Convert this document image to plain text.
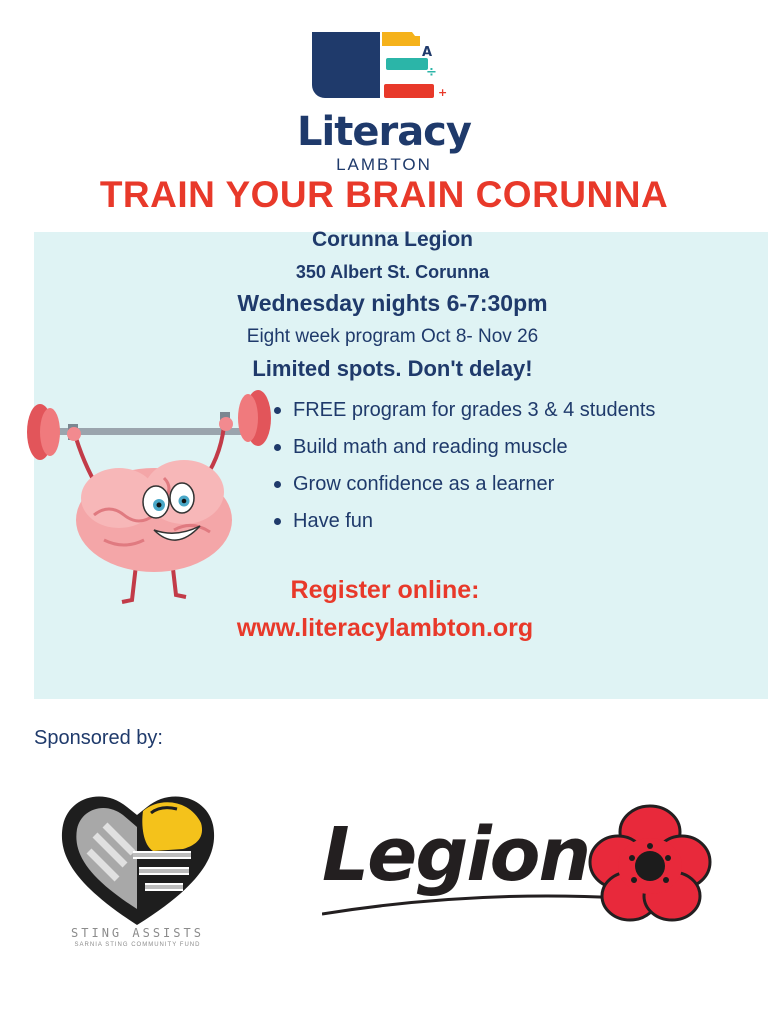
A
÷
+
Literacy
LAMBTON
TRAIN YOUR BRAIN CORUNNA
Corunna Legion
350 Albert St. Corunna
Wednesday nights 6-7:30pm
Eight week program Oct 8- Nov 26
Limited spots. Don't delay!
FREE program for grades 3 & 4 students
Build math and reading muscle
Grow confidence as a learner
Have fun
Register online:
www.literacylambton.org
Sponsored by:
STING ASSISTS
SARNIA STING COMMUNITY FUND
Legion
